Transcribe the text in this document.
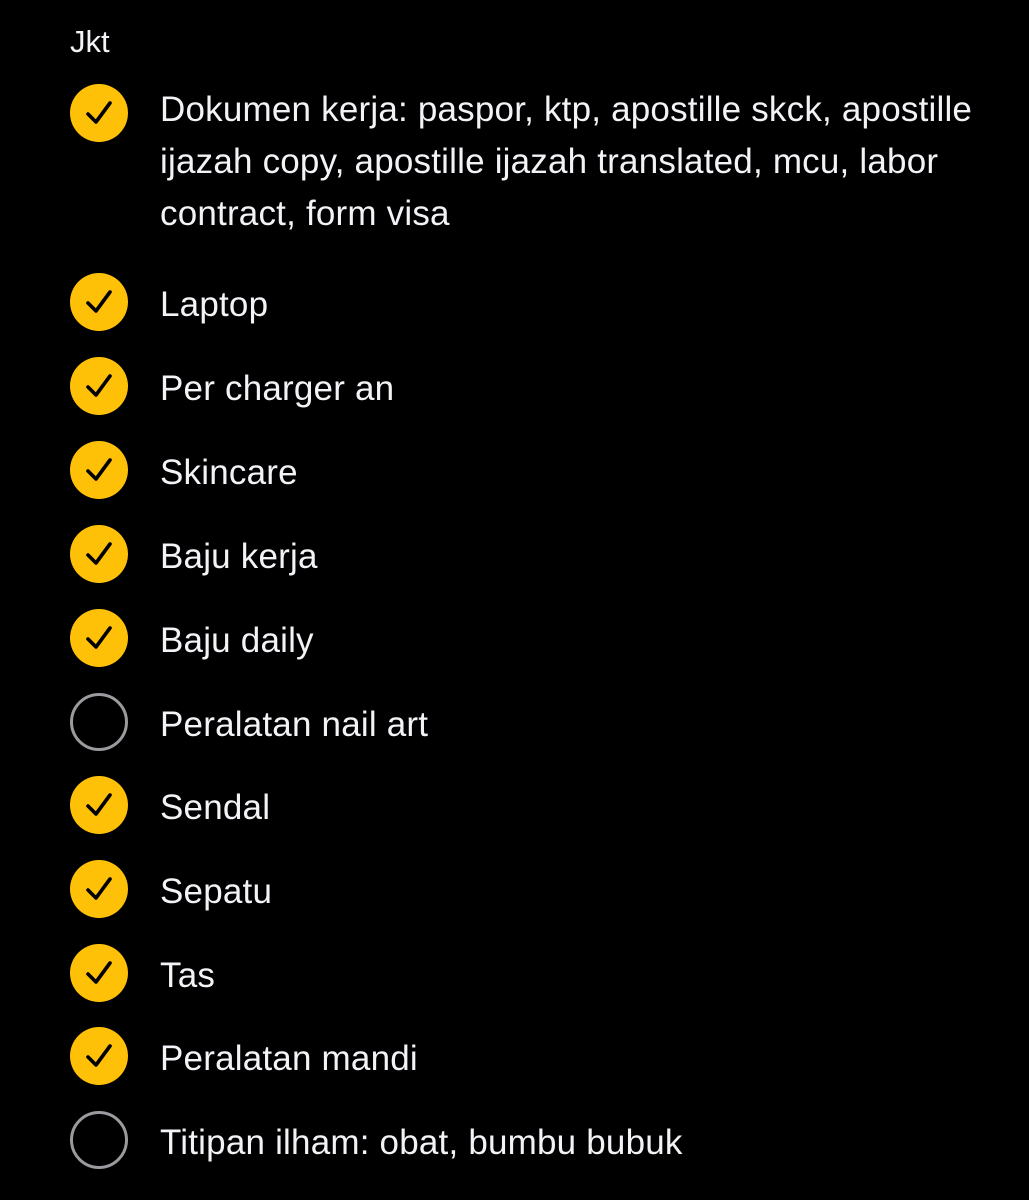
Jkt
Dokumen kerja: paspor, ktp, apostille skck, apostille ijazah copy, apostille ijazah translated, mcu, labor contract, form visa
Laptop
Per charger an
Skincare
Baju kerja
Baju daily
Peralatan nail art
Sendal
Sepatu
Tas
Peralatan mandi
Titipan ilham: obat, bumbu bubuk
